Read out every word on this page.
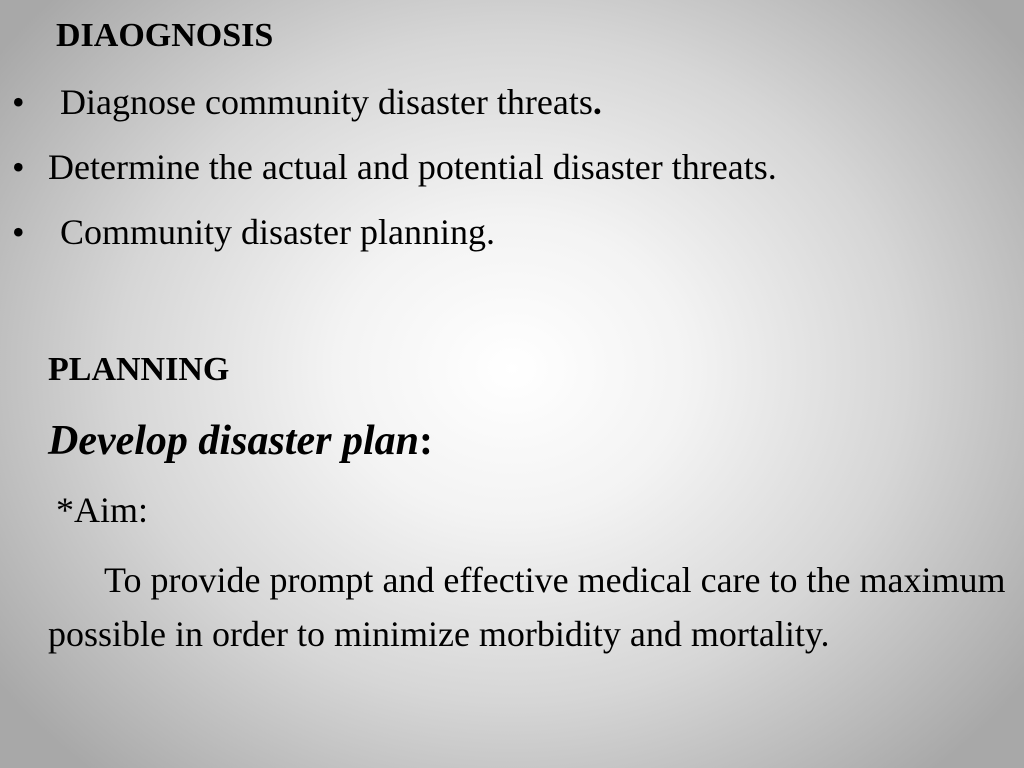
DIAOGNOSIS
• Diagnose community disaster threats.
• Determine the actual and potential disaster threats.
• Community disaster planning.
PLANNING
Develop disaster plan:
*Aim:
To provide prompt and effective medical care to the maximum possible in order to minimize morbidity and mortality.
